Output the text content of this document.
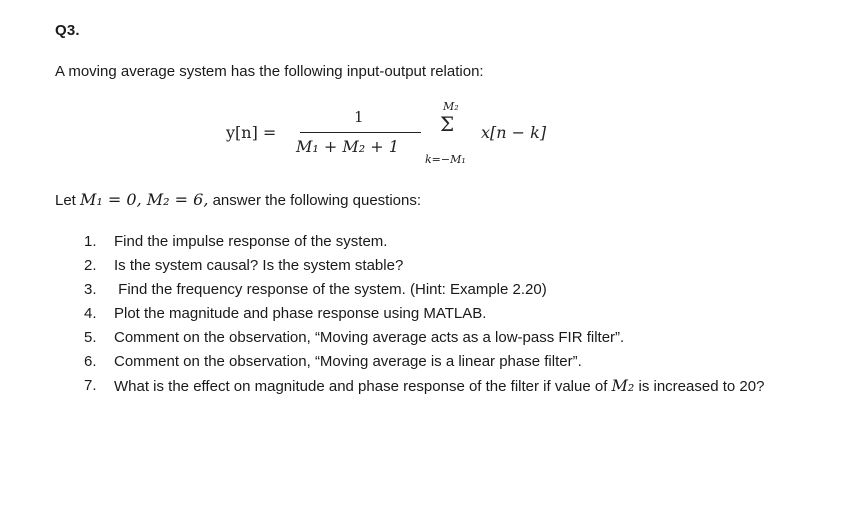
Q3.
A moving average system has the following input-output relation:
y[n] =
1
M₁ + M₂ + 1
M₂
Σ
k=−M₁
x[n − k]
Let M₁ = 0, M₂ = 6, answer the following questions:
1.	Find the impulse response of the system.
2.	Is the system causal? Is the system stable?
3.	Find the frequency response of the system. (Hint: Example 2.20)
4.	Plot the magnitude and phase response using MATLAB.
5.	Comment on the observation, “Moving average acts as a low-pass FIR filter”.
6.	Comment on the observation, “Moving average is a linear phase filter”.
7.	What is the effect on magnitude and phase response of the filter if value of M₂ is increased to 20?
